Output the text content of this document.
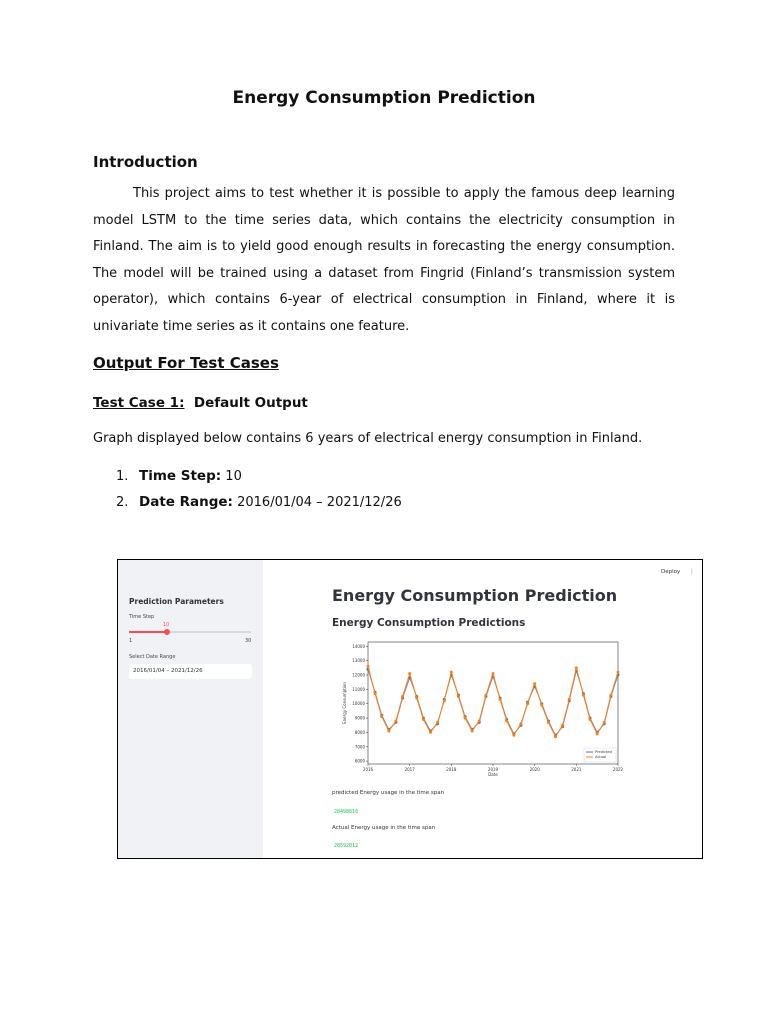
Energy Consumption Prediction
Introduction

This project aims to test whether it is possible to apply the famous deep learning model LSTM to the time series data, which contains the electricity consumption in Finland. The aim is to yield good enough results in forecasting the energy consumption. The model will be trained using a dataset from Fingrid (Finland’s transmission system operator), which contains 6-year of electrical consumption in Finland, where it is univariate time series as it contains one feature.

Output For Test Cases
Test Case 1: Default Output
Graph displayed below contains 6 years of electrical energy consumption in Finland.
1. Time Step: 10
2. Date Range: 2016/01/04 – 2021/12/26
Prediction Parameters
Time Step
10
1	30
Select Date Range
2016/01/04 – 2021/12/26
Deploy ⋮
Energy Consumption Prediction
Energy Consumption Predictions
6000
7000
8000
9000
10000
11000
12000
13000
14000
2016	2017	2018	2019	2020	2021	2022
Date
Energy Consumption
Predicted
Actual
predicted Energy usage in the time span
28498816
Actual Energy usage in the time span
28592812
